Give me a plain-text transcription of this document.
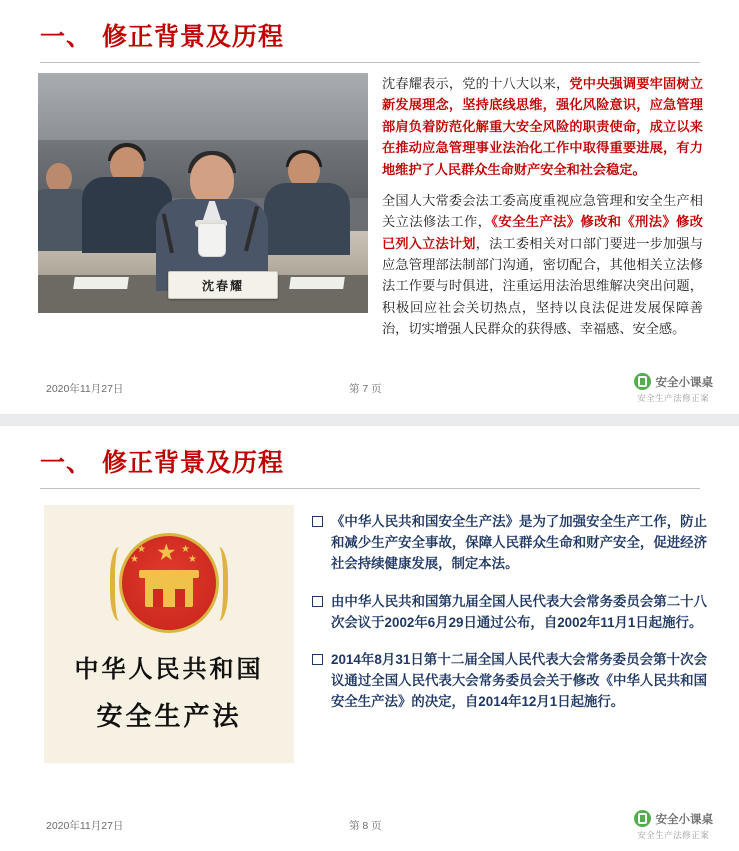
一、 修正背景及历程
沈春耀

沈春耀表示，党的十八大以来，党中央强调要牢固树立新发展理念，坚持底线思维，强化风险意识，应急管理部肩负着防范化解重大安全风险的职责使命，成立以来在推动应急管理事业法治化工作中取得重要进展，有力地维护了人民群众生命财产安全和社会稳定。

全国人大常委会法工委高度重视应急管理和安全生产相关立法修法工作，《安全生产法》修改和《刑法》修改已列入立法计划，法工委相关对口部门要进一步加强与应急管理部法制部门沟通，密切配合，其他相关立法修法工作要与时俱进，注重运用法治思维解决突出问题，积极回应社会关切热点，坚持以良法促进发展保障善治，切实增强人民群众的获得感、幸福感、安全感。

2020年11月27日	第 7 页
安全小课桌
安全生产法修正案
一、 修正背景及历程
★
★
★
★
★
中华人民共和国
安全生产法
《中华人民共和国安全生产法》是为了加强安全生产工作，防止和减少生产安全事故，保障人民群众生命和财产安全，促进经济社会持续健康发展，制定本法。
由中华人民共和国第九届全国人民代表大会常务委员会第二十八次会议于2002年6月29日通过公布，自2002年11月1日起施行。
2014年8月31日第十二届全国人民代表大会常务委员会第十次会议通过全国人民代表大会常务委员会关于修改《中华人民共和国安全生产法》的决定，自2014年12月1日起施行。
2020年11月27日	第 8 页
安全小课桌
安全生产法修正案
